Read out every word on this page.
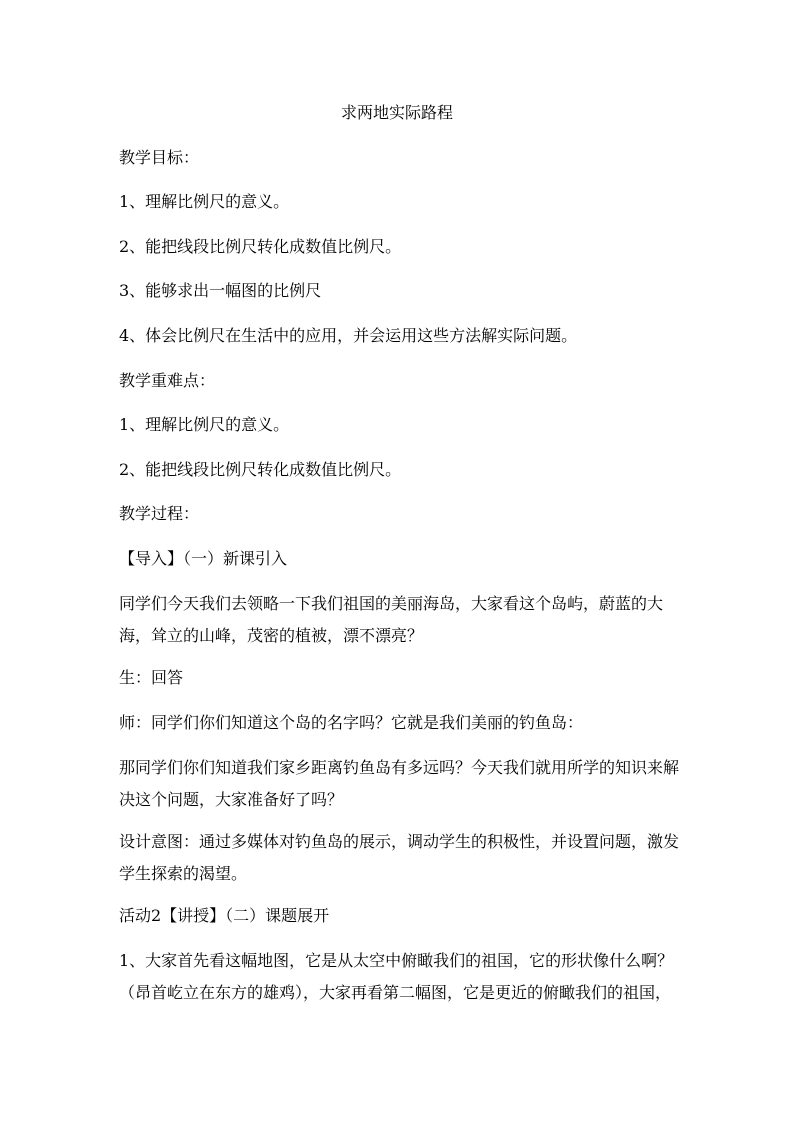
求两地实际路程
教学目标：
1、理解比例尺的意义。
2、能把线段比例尺转化成数值比例尺。
3、能够求出一幅图的比例尺
4、体会比例尺在生活中的应用，并会运用这些方法解实际问题。
教学重难点：
1、理解比例尺的意义。
2、能把线段比例尺转化成数值比例尺。
教学过程：
【导入】（一）新课引入
同学们今天我们去领略一下我们祖国的美丽海岛，大家看这个岛屿，蔚蓝的大海，耸立的山峰，茂密的植被，漂不漂亮？
生：回答
师：同学们你们知道这个岛的名字吗？它就是我们美丽的钓鱼岛：
那同学们你们知道我们家乡距离钓鱼岛有多远吗？今天我们就用所学的知识来解决这个问题，大家准备好了吗？
设计意图：通过多媒体对钓鱼岛的展示，调动学生的积极性，并设置问题，激发学生探索的渴望。
活动2【讲授】（二）课题展开
1、大家首先看这幅地图，它是从太空中俯瞰我们的祖国，它的形状像什么啊？（昂首屹立在东方的雄鸡），大家再看第二幅图，它是更近的俯瞰我们的祖国，
